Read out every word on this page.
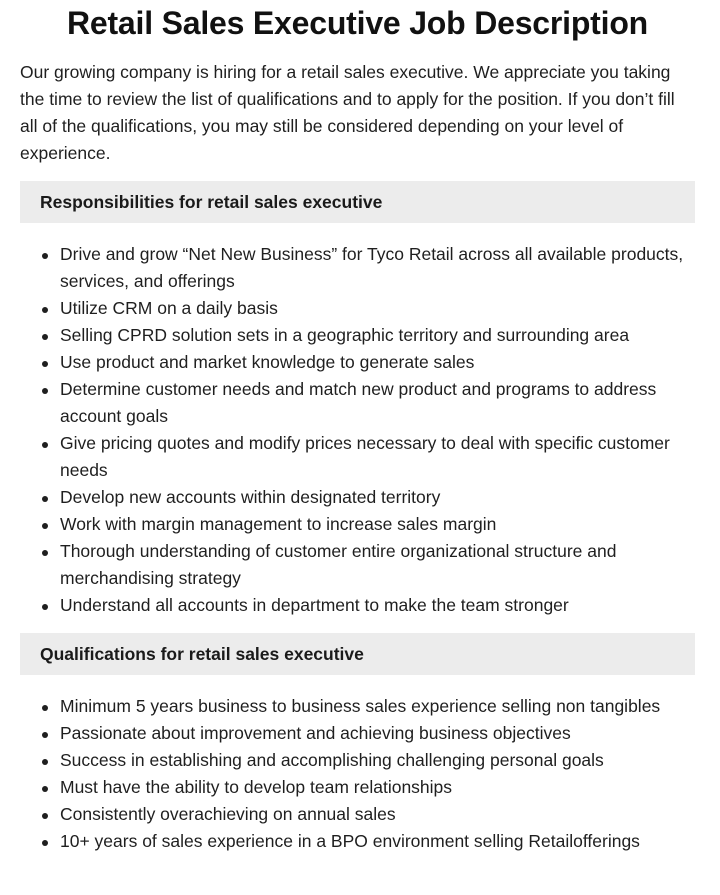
Retail Sales Executive Job Description

Our growing company is hiring for a retail sales executive. We appreciate you taking the time to review the list of qualifications and to apply for the position. If you don’t fill all of the qualifications, you may still be considered depending on your level of experience.

Responsibilities for retail sales executive
Drive and grow “Net New Business” for Tyco Retail across all available products, services, and offerings
Utilize CRM on a daily basis
Selling CPRD solution sets in a geographic territory and surrounding area
Use product and market knowledge to generate sales
Determine customer needs and match new product and programs to address account goals
Give pricing quotes and modify prices necessary to deal with specific customer needs
Develop new accounts within designated territory
Work with margin management to increase sales margin
Thorough understanding of customer entire organizational structure and merchandising strategy
Understand all accounts in department to make the team stronger
Qualifications for retail sales executive
Minimum 5 years business to business sales experience selling non tangibles
Passionate about improvement and achieving business objectives
Success in establishing and accomplishing challenging personal goals
Must have the ability to develop team relationships
Consistently overachieving on annual sales
10+ years of sales experience in a BPO environment selling Retailofferings
